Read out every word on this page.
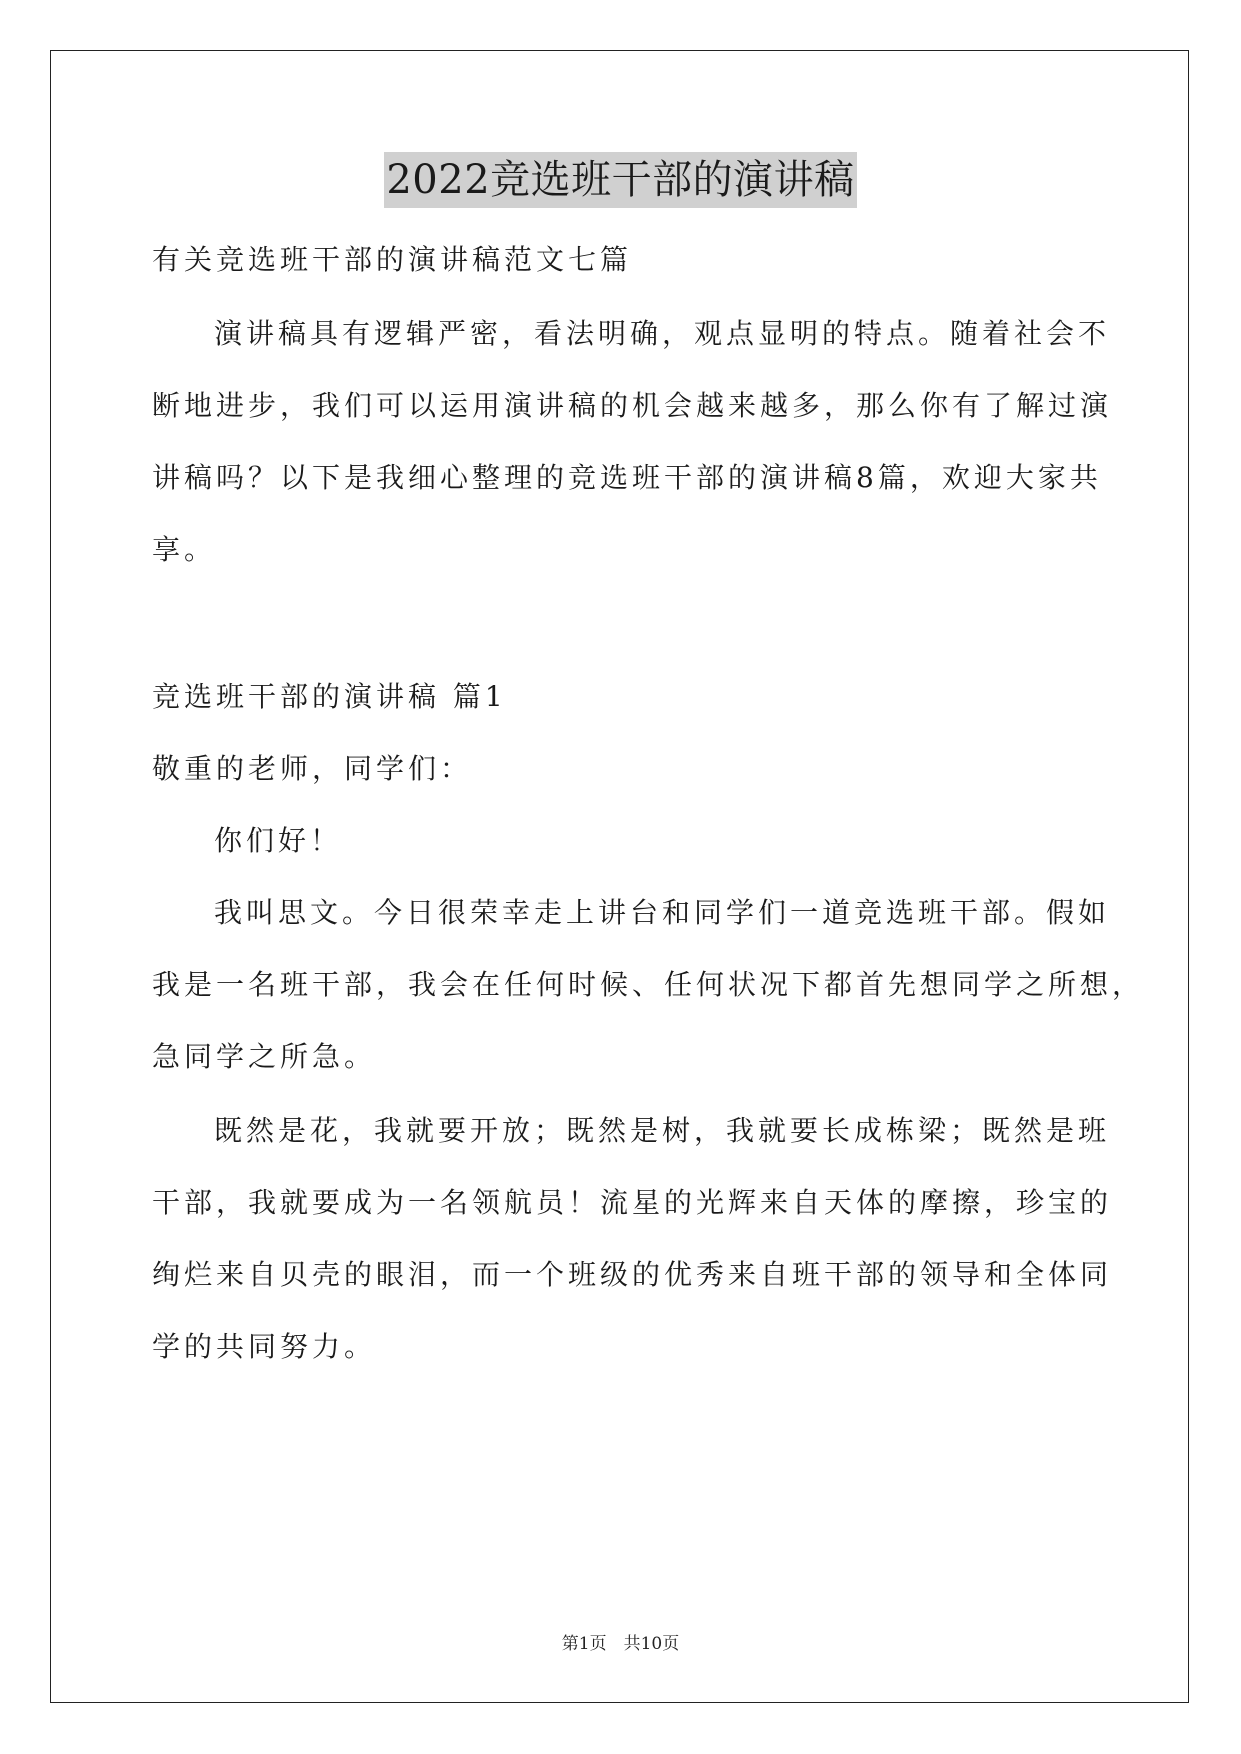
2022竞选班干部的演讲稿
有关竞选班干部的演讲稿范文七篇
演讲稿具有逻辑严密，看法明确，观点显明的特点。随着社会不
断地进步，我们可以运用演讲稿的机会越来越多，那么你有了解过演
讲稿吗？以下是我细心整理的竞选班干部的演讲稿8篇，欢迎大家共
享。
竞选班干部的演讲稿 篇1
敬重的老师，同学们：
你们好！
我叫思文。今日很荣幸走上讲台和同学们一道竞选班干部。假如
我是一名班干部，我会在任何时候、任何状况下都首先想同学之所想，
急同学之所急。
既然是花，我就要开放；既然是树，我就要长成栋梁；既然是班
干部，我就要成为一名领航员！流星的光辉来自天体的摩擦，珍宝的
绚烂来自贝壳的眼泪，而一个班级的优秀来自班干部的领导和全体同
学的共同努力。
第1页　共10页
